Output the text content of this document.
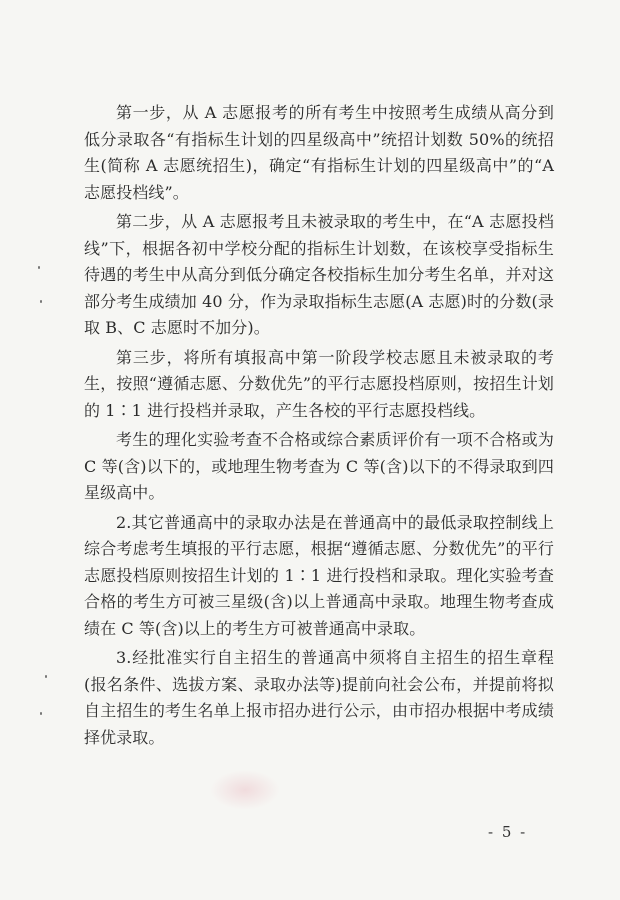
第一步，从 A 志愿报考的所有考生中按照考生成绩从高分到低分录取各“有指标生计划的四星级高中”统招计划数 50%的统招生(简称 A 志愿统招生)，确定“有指标生计划的四星级高中”的“A 志愿投档线”。

第二步，从 A 志愿报考且未被录取的考生中，在“A 志愿投档线”下，根据各初中学校分配的指标生计划数，在该校享受指标生待遇的考生中从高分到低分确定各校指标生加分考生名单，并对这部分考生成绩加 40 分，作为录取指标生志愿(A 志愿)时的分数(录取 B、C 志愿时不加分)。

第三步，将所有填报高中第一阶段学校志愿且未被录取的考生，按照“遵循志愿、分数优先”的平行志愿投档原则，按招生计划的 1∶1 进行投档并录取，产生各校的平行志愿投档线。

考生的理化实验考查不合格或综合素质评价有一项不合格或为 C 等(含)以下的，或地理生物考查为 C 等(含)以下的不得录取到四星级高中。

2.其它普通高中的录取办法是在普通高中的最低录取控制线上综合考虑考生填报的平行志愿，根据“遵循志愿、分数优先”的平行志愿投档原则按招生计划的 1∶1 进行投档和录取。理化实验考查合格的考生方可被三星级(含)以上普通高中录取。地理生物考查成绩在 C 等(含)以上的考生方可被普通高中录取。

3.经批准实行自主招生的普通高中须将自主招生的招生章程(报名条件、选拔方案、录取办法等)提前向社会公布，并提前将拟自主招生的考生名单上报市招办进行公示，由市招办根据中考成绩择优录取。

- 5 -
